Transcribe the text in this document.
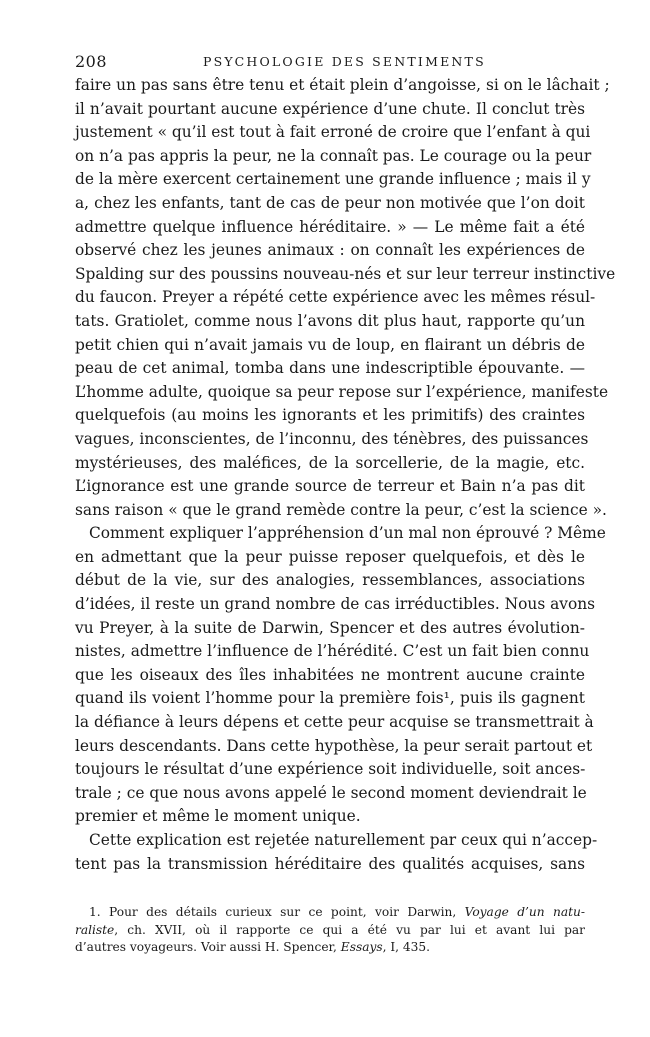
208	PSYCHOLOGIE DES SENTIMENTS
faire un pas sans être tenu et était plein d’angoisse, si on le lâchait ;
il n’avait pourtant aucune expérience d’une chute. Il conclut très
justement « qu’il est tout à fait erroné de croire que l’enfant à qui
on n’a pas appris la peur, ne la connaît pas. Le courage ou la peur
de la mère exercent certainement une grande influence ; mais il y
a, chez les enfants, tant de cas de peur non motivée que l’on doit
admettre quelque influence héréditaire. » — Le même fait a été
observé chez les jeunes animaux : on connaît les expériences de
Spalding sur des poussins nouveau-nés et sur leur terreur instinctive
du faucon. Preyer a répété cette expérience avec les mêmes résul-
tats. Gratiolet, comme nous l’avons dit plus haut, rapporte qu’un
petit chien qui n’avait jamais vu de loup, en flairant un débris de
peau de cet animal, tomba dans une indescriptible épouvante. —
L’homme adulte, quoique sa peur repose sur l’expérience, manifeste
quelquefois (au moins les ignorants et les primitifs) des craintes
vagues, inconscientes, de l’inconnu, des ténèbres, des puissances
mystérieuses, des maléfices, de la sorcellerie, de la magie, etc.
L’ignorance est une grande source de terreur et Bain n’a pas dit
sans raison « que le grand remède contre la peur, c’est la science ».
Comment expliquer l’appréhension d’un mal non éprouvé ? Même
en admettant que la peur puisse reposer quelquefois, et dès le
début de la vie, sur des analogies, ressemblances, associations
d’idées, il reste un grand nombre de cas irréductibles. Nous avons
vu Preyer, à la suite de Darwin, Spencer et des autres évolution-
nistes, admettre l’influence de l’hérédité. C’est un fait bien connu
que les oiseaux des îles inhabitées ne montrent aucune crainte
quand ils voient l’homme pour la première fois¹, puis ils gagnent
la défiance à leurs dépens et cette peur acquise se transmettrait à
leurs descendants. Dans cette hypothèse, la peur serait partout et
toujours le résultat d’une expérience soit individuelle, soit ances-
trale ; ce que nous avons appelé le second moment deviendrait le
premier et même le moment unique.
Cette explication est rejetée naturellement par ceux qui n’accep-
tent pas la transmission héréditaire des qualités acquises, sans
1. Pour des détails curieux sur ce point, voir Darwin, Voyage d’un natu-
raliste, ch. XVII, où il rapporte ce qui a été vu par lui et avant lui par
d’autres voyageurs. Voir aussi H. Spencer, Essays, I, 435.
